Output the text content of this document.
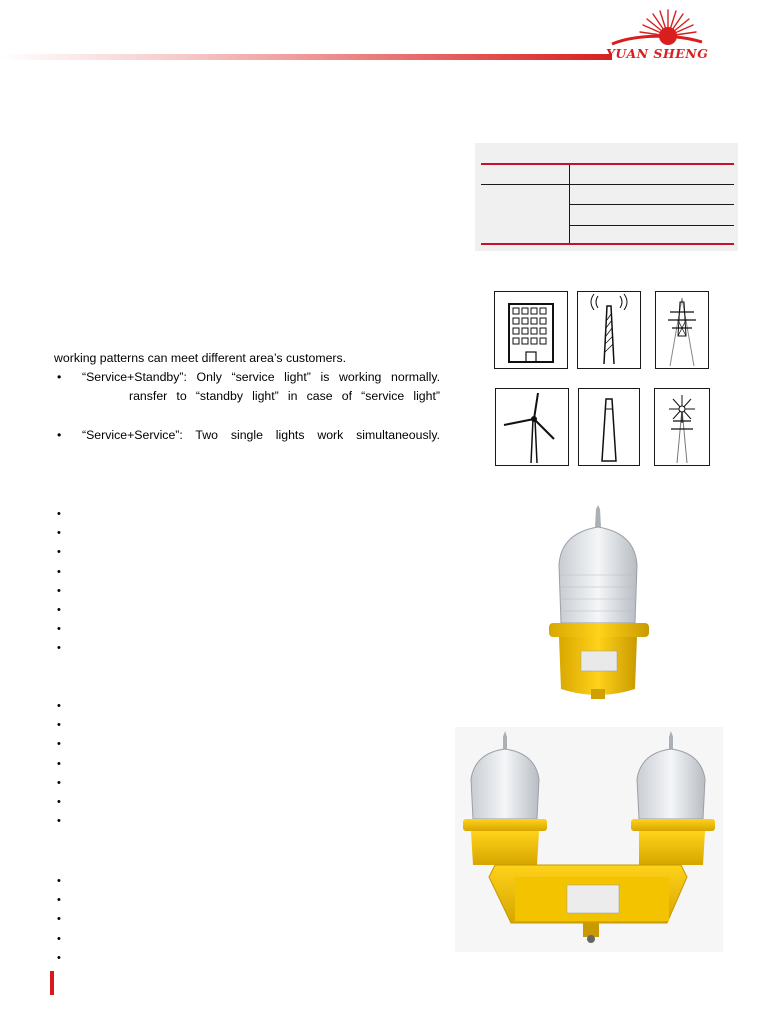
YUAN SHENG
working patterns can meet different area’s customers.
• “Service+Standby”: Only “service light” is working normally.
ransfer to “standby light” in case of “service light”
• “Service+Service”: Two single lights work simultaneously.
•
•
•
•
•
•
•
•
•
•
•
•
•
•
•
•
•
•
•
•
